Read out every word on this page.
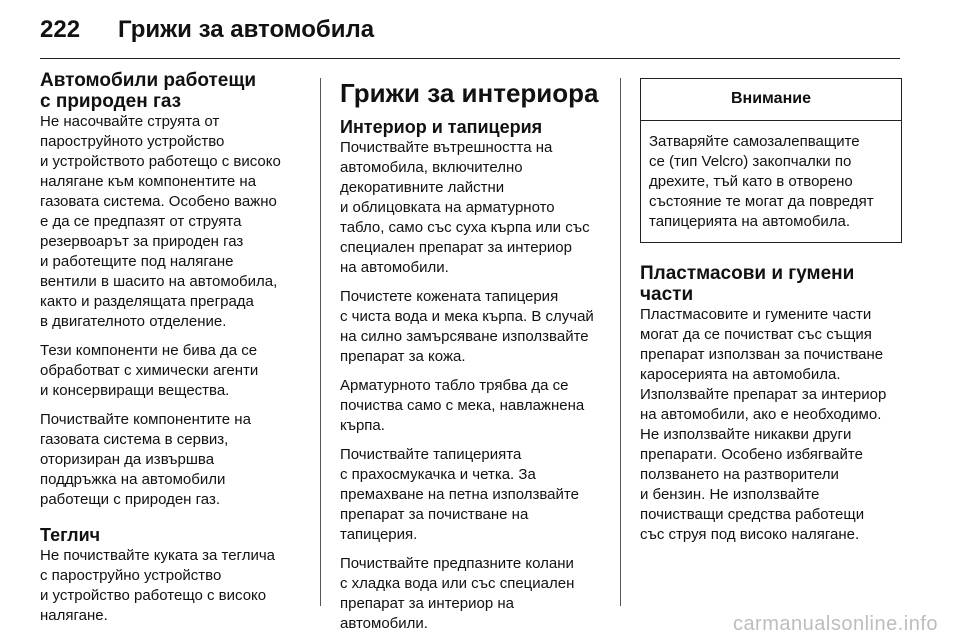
222 Грижи за автомобила
Автомобили работещи
с природен газ

Не насочвайте струята от
пароструйното устройство
и устройството работещо с високо
налягане към компонентите на
газовата система. Особено важно
е да се предпазят от струята
резервоарът за природен газ
и работещите под налягане
вентили в шасито на автомобила,
както и разделящата преграда
в двигателното отделение.

Тези компоненти не бива да се
обработват с химически агенти
и консервиращи вещества.

Почиствайте компонентите на
газовата система в сервиз,
оторизиран да извършва
поддръжка на автомобили
работещи с природен газ.

Теглич

Не почиствайте куката за теглича
с пароструйно устройство
и устройство работещо с високо
налягане.

Грижи за интериора
Интериор и тапицерия

Почиствайте вътрешността на
автомобила, включително
декоративните лайстни
и облицовката на арматурното
табло, само със суха кърпа или със
специален препарат за интериор
на автомобили.

Почистете кожената тапицерия
с чиста вода и мека кърпа. В случай
на силно замърсяване използвайте
препарат за кожа.

Арматурното табло трябва да се
почиства само с мека, навлажнена
кърпа.

Почиствайте тапицерията
с прахосмукачка и четка. За
премахване на петна използвайте
препарат за почистване на
тапицерия.

Почиствайте предпазните колани
с хладка вода или със специален
препарат за интериор на
автомобили.

Внимание
Затваряйте самозалепващите
се (тип Velcro) закопчалки по
дрехите, тъй като в отворено
състояние те могат да повредят
тапицерията на автомобила.
Пластмасови и гумени части

Пластмасовите и гумените части
могат да се почистват със същия
препарат използван за почистване
каросерията на автомобила.
Използвайте препарат за интериор
на автомобили, ако е необходимо.
Не използвайте никакви други
препарати. Особено избягвайте
ползването на разтворители
и бензин. Не използвайте
почистващи средства работещи
със струя под високо налягане.

carmanualsonline.info
